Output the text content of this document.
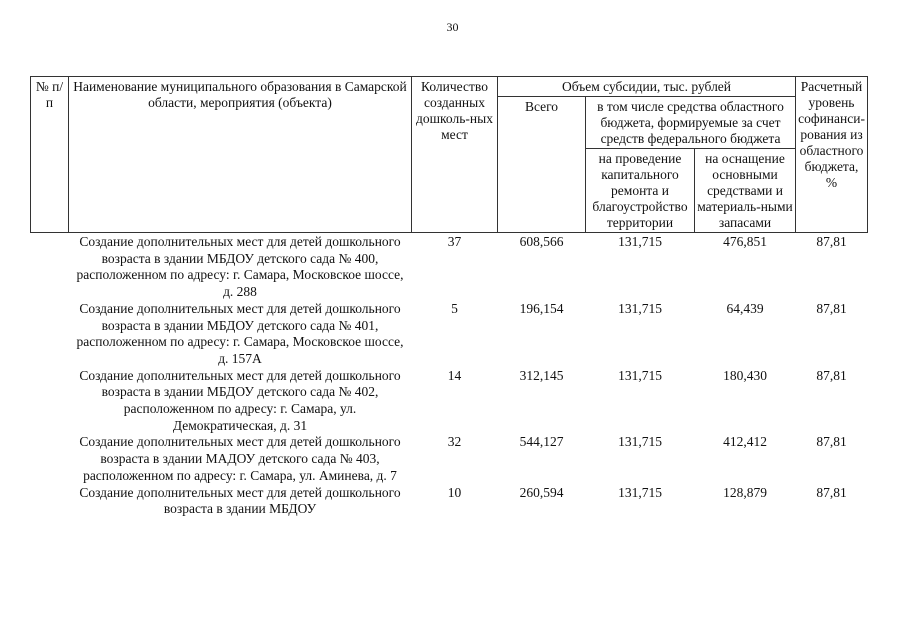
30
№ п/п	Наименование муниципального образования в Самарской области, мероприятия (объекта)	Количество созданных дошколь-ных мест	Объем субсидии, тыс. рублей			Расчетный уровень софинанси-рования из областного бюджета, %
			Всего	в том числе средства областного бюджета, формируемые за счет средств федерального бюджета		
				на проведение капитального ремонта и благоустройство территории	на оснащение основными средствами и материаль-ными запасами	
	Создание дополнительных мест для детей дошкольного возраста в здании МБДОУ детского сада № 400, расположенном по адресу: г. Самара, Московское шоссе, д. 288	37	608,566	131,715	476,851	87,81
	Создание дополнительных мест для детей дошкольного возраста в здании МБДОУ детского сада № 401, расположенном по адресу: г. Самара, Московское шоссе, д. 157А	5	196,154	131,715	64,439	87,81
	Создание дополнительных мест для детей дошкольного возраста в здании МБДОУ детского сада № 402, расположенном по адресу: г. Самара, ул. Демократическая, д. 31	14	312,145	131,715	180,430	87,81
	Создание дополнительных мест для детей дошкольного возраста в здании МАДОУ детского сада № 403, расположенном по адресу: г. Самара, ул. Аминева, д. 7	32	544,127	131,715	412,412	87,81
	Создание дополнительных мест для детей дошкольного возраста в здании МБДОУ	10	260,594	131,715	128,879	87,81
